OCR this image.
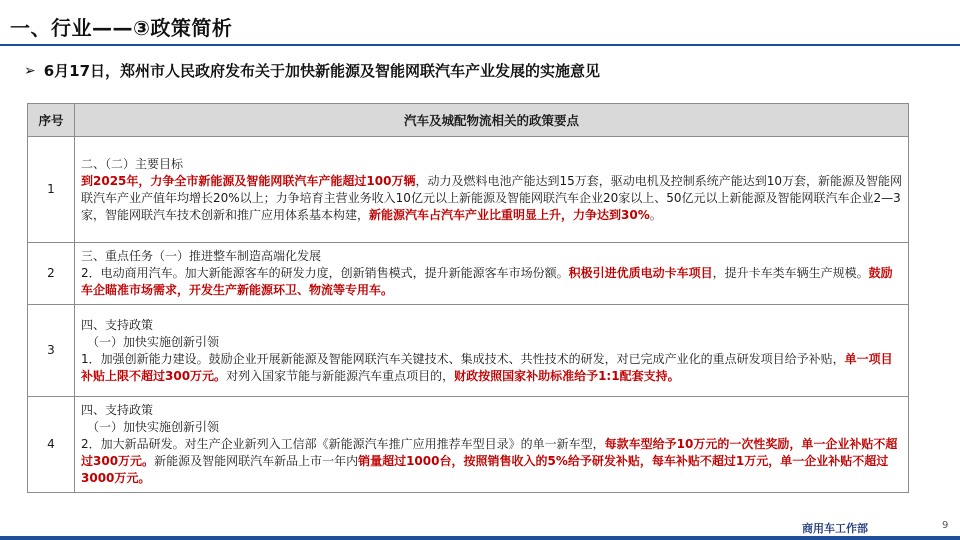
一、行业——③政策简析
➢ 6月17日，郑州市人民政府发布关于加快新能源及智能网联汽车产业发展的实施意见
序号	汽车及城配物流相关的政策要点
1	二、（二）主要目标
到2025年，力争全市新能源及智能网联汽车产能超过100万辆，动力及燃料电池产能达到15万套，驱动电机及控制系统产能达到10万套，新能源及智能网联汽车产业产值年均增长20%以上；力争培育主营业务收入10亿元以上新能源及智能网联汽车企业20家以上、50亿元以上新能源及智能网联汽车企业2—3家，智能网联汽车技术创新和推广应用体系基本构建，新能源汽车占汽车产业比重明显上升，力争达到30%。

2	三、重点任务（一）推进整车制造高端化发展
2．电动商用汽车。加大新能源客车的研发力度，创新销售模式，提升新能源客车市场份额。积极引进优质电动卡车项目，提升卡车类车辆生产规模。鼓励车企瞄准市场需求，开发生产新能源环卫、物流等专用车。

3	四、支持政策
（一）加快实施创新引领
1．加强创新能力建设。鼓励企业开展新能源及智能网联汽车关键技术、集成技术、共性技术的研发，对已完成产业化的重点研发项目给予补贴，单一项目补贴上限不超过300万元。对列入国家节能与新能源汽车重点项目的，财政按照国家补助标准给予1:1配套支持。

4	四、支持政策
（一）加快实施创新引领
2．加大新品研发。对生产企业新列入工信部《新能源汽车推广应用推荐车型目录》的单一新车型，每款车型给予10万元的一次性奖励，单一企业补贴不超过300万元。新能源及智能网联汽车新品上市一年内销量超过1000台，按照销售收入的5%给予研发补贴，每车补贴不超过1万元，单一企业补贴不超过3000万元。
商用车工作部	9
